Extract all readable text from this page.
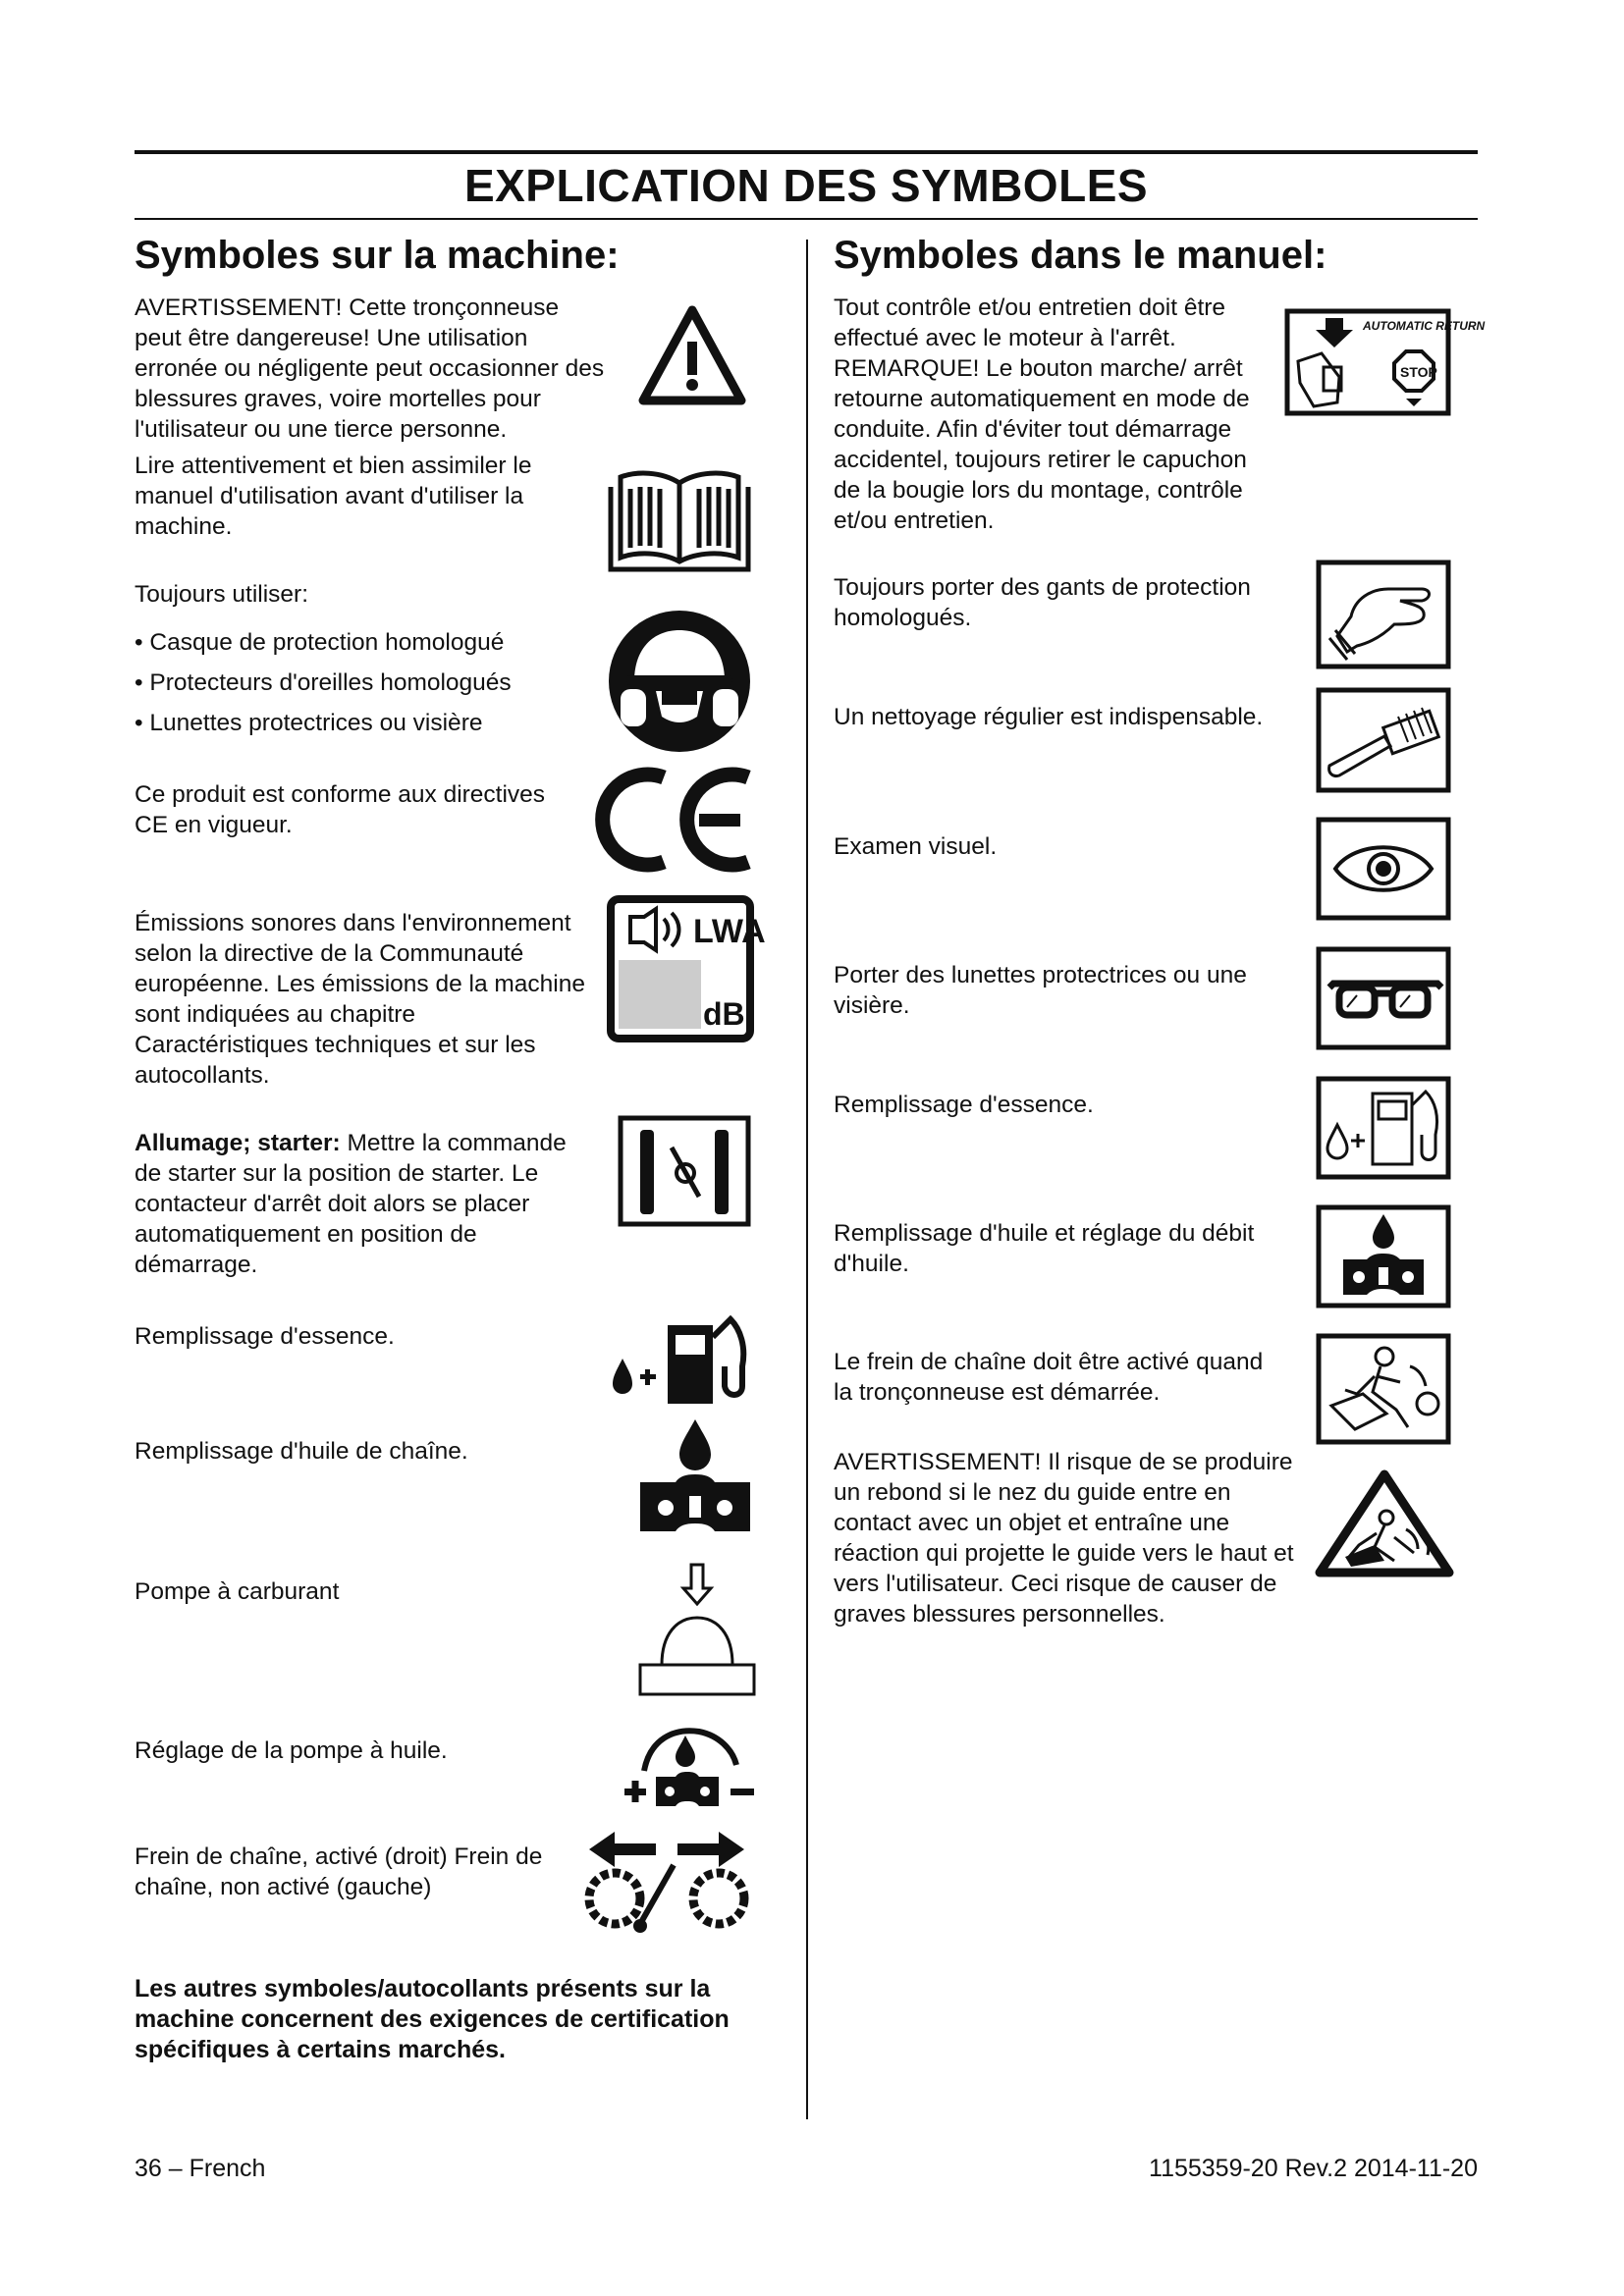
EXPLICATION DES SYMBOLES
Symboles sur la machine:
AVERTISSEMENT! Cette tronçonneuse peut être dangereuse! Une utilisation erronée ou négligente peut occasionner des blessures graves, voire mortelles pour l'utilisateur ou une tierce personne.
Lire attentivement et bien assimiler le manuel d'utilisation avant d'utiliser la machine.

Toujours utiliser:

• Casque de protection homologué
• Protecteurs d'oreilles homologués
• Lunettes protectrices ou visière
Ce produit est conforme aux directives CE en vigueur.
Émissions sonores dans l'environnement selon la directive de la Communauté européenne. Les émissions de la machine sont indiquées au chapitre Caractéristiques techniques et sur les autocollants.
LWA
dB
Allumage; starter: Mettre la commande de starter sur la position de starter. Le contacteur d'arrêt doit alors se placer automatiquement en position de démarrage.
Remplissage d'essence.
Remplissage d'huile de chaîne.
Pompe à carburant
Réglage de la pompe à huile.
Frein de chaîne, activé (droit) Frein de chaîne, non activé (gauche)
Les autres symboles/autocollants présents sur la machine concernent des exigences de certification spécifiques à certains marchés.
Symboles dans le manuel:
Tout contrôle et/ou entretien doit être effectué avec le moteur à l'arrêt. REMARQUE! Le bouton marche/ arrêt retourne automatiquement en mode de conduite. Afin d'éviter tout démarrage accidentel, toujours retirer le capuchon de la bougie lors du montage, contrôle et/ou entretien.
AUTOMATIC RETURN
STOP
Toujours porter des gants de protection homologués.
Un nettoyage régulier est indispensable.
Examen visuel.
Porter des lunettes protectrices ou une visière.
Remplissage d'essence.
Remplissage d'huile et réglage du débit d'huile.
Le frein de chaîne doit être activé quand la tronçonneuse est démarrée.
AVERTISSEMENT! Il risque de se produire un rebond si le nez du guide entre en contact avec un objet et entraîne une réaction qui projette le guide vers le haut et vers l'utilisateur. Ceci risque de causer de graves blessures personnelles.
36 – French	1155359-20 Rev.2 2014-11-20
